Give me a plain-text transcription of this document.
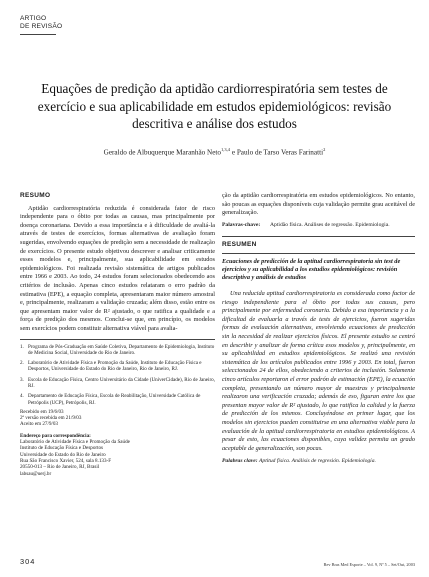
ARTIGO
DE REVISÃO
Equações de predição da aptidão cardiorrespiratória sem testes de exercício e sua aplicabilidade em estudos epidemiológicos: revisão descritiva e análise dos estudos
Geraldo de Albuquerque Maranhão Neto$^{1,3,4}$ e Paulo de Tarso Veras Farinatti$^2$
RESUMO

Aptidão cardiorrespiratória reduzida é considerada fator de risco independente para o óbito por todas as causas, mas principalmente por doença coronariana. Devido a essa importância e à dificuldade de avaliá-la através de testes de exercícios, formas alternativas de avaliação foram sugeridas, envolvendo equações de predição sem a necessidade de realização de exercícios. O presente estudo objetivou descrever e analisar criticamente esses modelos e, principalmente, sua aplicabilidade em estudos epidemiológicos. Foi realizada revisão sistemática de artigos publicados entre 1966 e 2003. Ao todo, 24 estudos foram selecionados obedecendo aos critérios de inclusão. Apenas cinco estudos relataram o erro padrão da estimativa (EPE), a equação completa, apresentaram maior número amostral e, principalmente, realizaram a validação cruzada; além disso, estão entre os que apresentam maior valor de R² ajustado, o que ratifica a qualidade e a força de predição dos mesmos. Conclui-se que, em princípio, os modelos sem exercícios podem constituir alternativa viável para avalia-

1. Programa de Pós-Graduação em Saúde Coletiva, Departamento de Epidemiologia, Instituto de Medicina Social, Universidade do Rio de Janeiro.
2. Laboratório de Atividade Física e Promoção da Saúde, Instituto de Educação Física e Desportos, Universidade do Estado do Rio de Janeiro, Rio de Janeiro, RJ.
3. Escola de Educação Física, Centro Universitário da Cidade (UniverCidade), Rio de Janeiro, RJ.
4. Departamento de Educação Física, Escola de Reabilitação, Universidade Católica de Petrópolis (UCP), Petrópolis, RJ.
Recebido em 19/6/03
2ª versão recebida em 21/9/03
Aceito em 27/9/03
Endereço para correspondência:
Laboratório de Atividade Física e Promoção da Saúde
Instituto de Educação Física e Desportos
Universidade do Estado do Rio de Janeiro
Rua São Francisco Xavier, 524, sala 8.133-F
20550-013 – Rio de Janeiro, RJ, Brasil
labsau@uerj.br

ção da aptidão cardiorrespiratória em estudos epidemiológicos. No entanto, são poucas as equações disponíveis cuja validação permite grau aceitável de generalização.

Palavras-chave:	Aptidão física. Análises de regressão. Epidemiologia.
RESUMEN
Ecuaciones de predicción de la aptitud cardiorrespiratoria sin test de ejercicios y su aplicabilidad a los estudios epidemiológicos: revisión descriptiva y análisis de estudios

Una reducida aptitud cardiorrespiratoria es considerada como factor de riesgo independiente para el óbito por todas sus causas, pero principalmente por enfermedad coronaria. Debido a esa importancia y a la dificultad de evaluarla a través de tests de ejercicios, fueron sugeridas formas de evaluación alternativas, envolviendo ecuaciones de predicción sin la necesidad de realizar ejercicios físicos. El presente estudio se centró en describir y analizar de forma crítica esos modelos y, principalmente, en su aplicabilidad en estudios epidemiológicos. Se realizó una revisión sistemática de los artículos publicados entre 1996 y 2003. En total, fueron seleccionados 24 de ellos, obedeciendo a criterios de inclusión. Solamente cinco artículos reportaron el error padrón de estimación (EPE), la ecuación completa, presentando un número mayor de muestras y principalmente realizaron una verificación cruzada; además de eso, figuran entre los que presentan mayor valor de R² ajustado, lo que ratifica la calidad y la fuerza de predicción de los mismos. Concluyéndose en primer lugar, que los modelos sin ejercicios pueden constituirse en una alternativa viable para la evaluación de la aptitud cardiorrespiratoria en estudios epidemiológicos. A pesar de esto, las ecuaciones disponibles, cuya validez permita un grado aceptable de generalización, son pocas.

Palabras clave: Aptitud física. Análisis de regresión. Epidemiología.
304	Rev Bras Med Esporte – Vol. 9, Nº 5 – Set/Out, 2003
